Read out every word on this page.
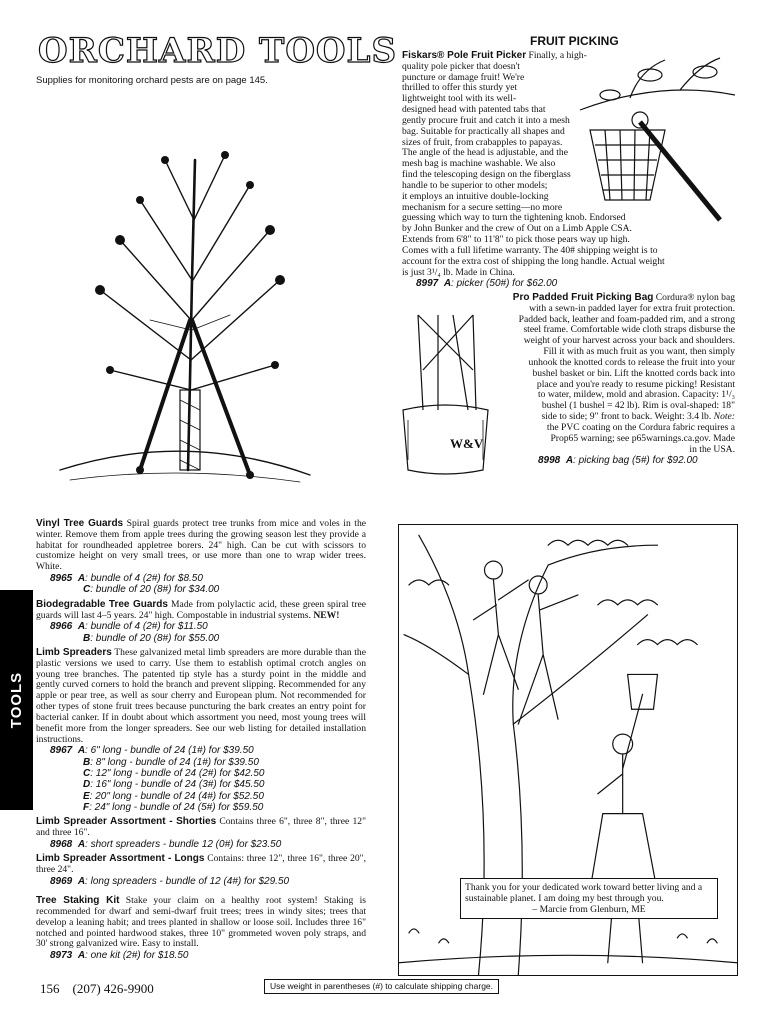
ORCHARD TOOLS
Supplies for monitoring orchard pests are on page 145.
FRUIT PICKING
Fiskars® Pole Fruit Picker Finally, a high-
quality pole picker that doesn't
puncture or damage fruit! We're
thrilled to offer this sturdy yet
lightweight tool with its well-
designed head with patented tabs that
gently procure fruit and catch it into a mesh
bag. Suitable for practically all shapes and
sizes of fruit, from crabapples to papayas.
The angle of the head is adjustable, and the
mesh bag is machine washable. We also
find the telescoping design on the fiberglass
handle to be superior to other models;
it employs an intuitive double-locking
mechanism for a secure setting—no more
guessing which way to turn the tightening knob. Endorsed
by John Bunker and the crew of Out on a Limb Apple CSA.
Extends from 6'8" to 11'8" to pick those pears way up high.
Comes with a full lifetime warranty. The 40# shipping weight is to
account for the extra cost of shipping the long handle. Actual weight
is just 3¹/₄ lb. Made in China.
8997 A: picker (50#) for $62.00
W&V
Pro Padded Fruit Picking Bag Cordura® nylon bag
with a sewn-in padded layer for extra fruit protection.
Padded back, leather and foam-padded rim, and a strong
steel frame. Comfortable wide cloth straps disburse the
weight of your harvest across your back and shoulders.
Fill it with as much fruit as you want, then simply
unhook the knotted cords to release the fruit into your
bushel basket or bin. Lift the knotted cords back into
place and you're ready to resume picking! Resistant
to water, mildew, mold and abrasion. Capacity: 1¹/₃
bushel (1 bushel = 42 lb). Rim is oval-shaped: 18"
side to side; 9" front to back. Weight: 3.4 lb. Note:
the PVC coating on the Cordura fabric requires a
Prop65 warning; see p65warnings.ca.gov. Made
in the USA.
8998 A: picking bag (5#) for $92.00
TOOLS
Vinyl Tree Guards Spiral guards protect tree trunks from mice and voles in the winter. Remove them from apple trees during the growing season lest they provide a habitat for roundheaded appletree borers. 24" high. Can be cut with scissors to customize height on very small trees, or use more than one to wrap wider trees. White.
8965 A: bundle of 4 (2#) for $8.50
C: bundle of 20 (8#) for $34.00
Biodegradable Tree Guards Made from polylactic acid, these green spiral tree guards will last 4–5 years. 24" high. Compostable in industrial systems. NEW!
8966 A: bundle of 4 (2#) for $11.50
B: bundle of 20 (8#) for $55.00
Limb Spreaders These galvanized metal limb spreaders are more durable than the plastic versions we used to carry. Use them to establish optimal crotch angles on young tree branches. The patented tip style has a sturdy point in the middle and gently curved corners to hold the branch and prevent slipping. Recommended for any apple or pear tree, as well as sour cherry and European plum. Not recommended for other types of stone fruit trees because puncturing the bark creates an entry point for bacterial canker. If in doubt about which assortment you need, most young trees will benefit more from the longer spreaders. See our web listing for detailed installation instructions.
8967 A: 6" long - bundle of 24 (1#) for $39.50
B: 8" long - bundle of 24 (1#) for $39.50
C: 12" long - bundle of 24 (2#) for $42.50
D: 16" long - bundle of 24 (3#) for $45.50
E: 20" long - bundle of 24 (4#) for $52.50
F: 24" long - bundle of 24 (5#) for $59.50
Limb Spreader Assortment - Shorties Contains three 6", three 8", three 12" and three 16".
8968 A: short spreaders - bundle 12 (0#) for $23.50
Limb Spreader Assortment - Longs Contains: three 12", three 16", three 20", three 24".
8969 A: long spreaders - bundle of 12 (4#) for $29.50
Tree Staking Kit Stake your claim on a healthy root system! Staking is recommended for dwarf and semi-dwarf fruit trees; trees in windy sites; trees that develop a leaning habit; and trees planted in shallow or loose soil. Includes three 16" notched and pointed hardwood stakes, three 10" grommeted woven poly straps, and 30' strong galvanized wire. Easy to install.
8973 A: one kit (2#) for $18.50
Thank you for your dedicated work toward better living and a sustainable planet. I am doing my best through you.
– Marcie from Glenburn, ME
156 (207) 426-9900	Use weight in parentheses (#) to calculate shipping charge.
